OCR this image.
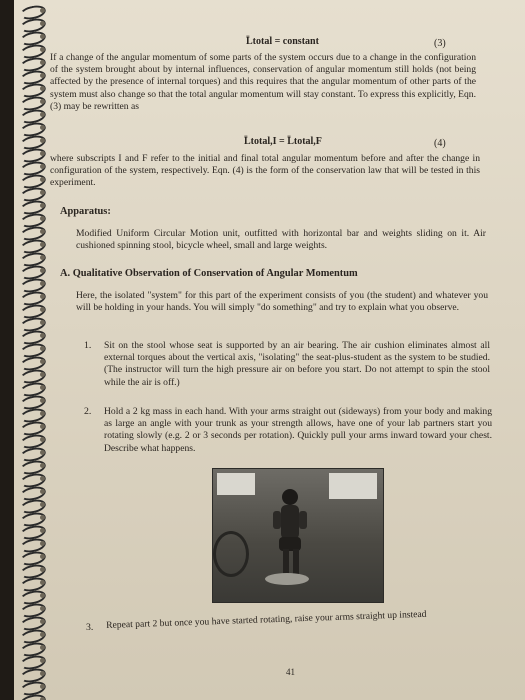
L̄total = constant	(3)

If a change of the angular momentum of some parts of the system occurs due to a change in the configuration of the system brought about by internal influences, conservation of angular momentum still holds (not being affected by the presence of internal torques) and this requires that the angular momentum of other parts of the system must also change so that the total angular momentum will stay constant. To express this explicitly, Eqn. (3) may be rewritten as

L̄total,I = L̄total,F	(4)

where subscripts I and F refer to the initial and final total angular momentum before and after the change in configuration of the system, respectively. Eqn. (4) is the form of the conservation law that will be tested in this experiment.

Apparatus:

Modified Uniform Circular Motion unit, outfitted with horizontal bar and weights sliding on it. Air cushioned spinning stool, bicycle wheel, small and large weights.

A. Qualitative Observation of Conservation of Angular Momentum

Here, the isolated "system" for this part of the experiment consists of you (the student) and whatever you will be holding in your hands. You will simply "do something" and try to explain what you observe.

1. Sit on the stool whose seat is supported by an air bearing. The air cushion eliminates almost all external torques about the vertical axis, "isolating" the seat-plus-student as the system to be studied. (The instructor will turn the high pressure air on before you start. Do not attempt to spin the stool while the air is off.)

2. Hold a 2 kg mass in each hand. With your arms straight out (sideways) from your body and making as large an angle with your trunk as your strength allows, have one of your lab partners start you rotating slowly (e.g. 2 or 3 seconds per rotation). Quickly pull your arms inward toward your chest. Describe what happens.

3. Repeat part 2 but once you have started rotating, raise your arms straight up instead

41
